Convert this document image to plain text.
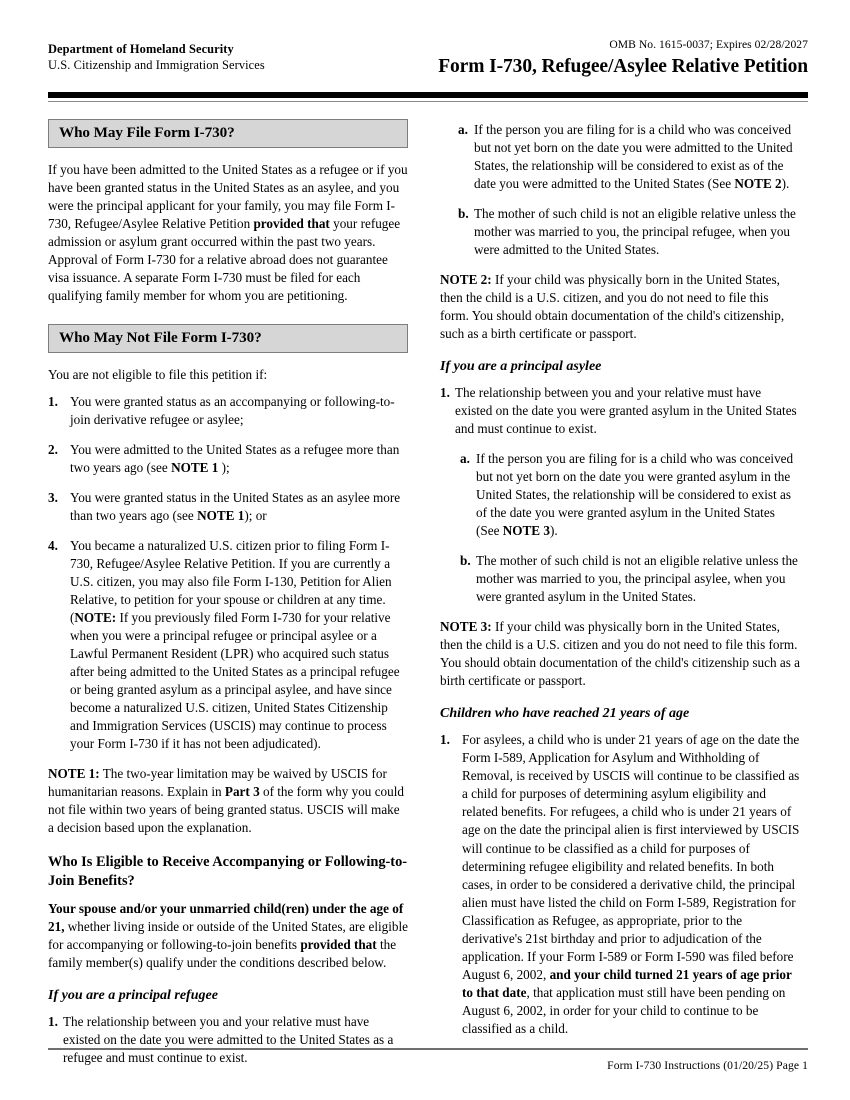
Department of Homeland Security
U.S. Citizenship and Immigration Services
OMB No. 1615-0037; Expires 02/28/2027
Form I-730, Refugee/Asylee Relative Petition
Who May File Form I-730?

If you have been admitted to the United States as a refugee or if you have been granted status in the United States as an asylee, and you were the principal applicant for your family, you may file Form I-730, Refugee/Asylee Relative Petition provided that your refugee admission or asylum grant occurred within the past two years. Approval of Form I-730 for a relative abroad does not guarantee visa issuance. A separate Form I-730 must be filed for each qualifying family member for whom you are petitioning.

Who May Not File Form I-730?

You are not eligible to file this petition if:

1. You were granted status as an accompanying or following-to-join derivative refugee or asylee;
2. You were admitted to the United States as a refugee more than two years ago (see NOTE 1 );
3. You were granted status in the United States as an asylee more than two years ago (see NOTE 1); or
4. You became a naturalized U.S. citizen prior to filing Form I-730, Refugee/Asylee Relative Petition. If you are currently a U.S. citizen, you may also file Form I-130, Petition for Alien Relative, to petition for your spouse or children at any time. (NOTE: If you previously filed Form I-730 for your relative when you were a principal refugee or principal asylee or a Lawful Permanent Resident (LPR) who acquired such status after being admitted to the United States as a principal refugee or being granted asylum as a principal asylee, and have since become a naturalized U.S. citizen, United States Citizenship and Immigration Services (USCIS) may continue to process your Form I-730 if it has not been adjudicated).

NOTE 1: The two-year limitation may be waived by USCIS for humanitarian reasons. Explain in Part 3 of the form why you could not file within two years of being granted status. USCIS will make a decision based upon the explanation.

Who Is Eligible to Receive Accompanying or Following-to-Join Benefits?

Your spouse and/or your unmarried child(ren) under the age of 21, whether living inside or outside of the United States, are eligible for accompanying or following-to-join benefits provided that the family member(s) qualify under the conditions described below.

If you are a principal refugee
1. The relationship between you and your relative must have existed on the date you were admitted to the United States as a refugee and must continue to exist.
a. If the person you are filing for is a child who was conceived but not yet born on the date you were admitted to the United States, the relationship will be considered to exist as of the date you were admitted to the United States (See NOTE 2).
b. The mother of such child is not an eligible relative unless the mother was married to you, the principal refugee, when you were admitted to the United States.

NOTE 2: If your child was physically born in the United States, then the child is a U.S. citizen, and you do not need to file this form. You should obtain documentation of the child's citizenship, such as a birth certificate or passport.

If you are a principal asylee
1. The relationship between you and your relative must have existed on the date you were granted asylum in the United States and must continue to exist.
a. If the person you are filing for is a child who was conceived but not yet born on the date you were granted asylum in the United States, the relationship will be considered to exist as of the date you were granted asylum in the United States (See NOTE 3).
b. The mother of such child is not an eligible relative unless the mother was married to you, the principal asylee, when you were granted asylum in the United States.

NOTE 3: If your child was physically born in the United States, then the child is a U.S. citizen and you do not need to file this form. You should obtain documentation of the child's citizenship such as a birth certificate or passport.

Children who have reached 21 years of age
1. For asylees, a child who is under 21 years of age on the date the Form I-589, Application for Asylum and Withholding of Removal, is received by USCIS will continue to be classified as a child for purposes of determining asylum eligibility and related benefits. For refugees, a child who is under 21 years of age on the date the principal alien is first interviewed by USCIS will continue to be classified as a child for purposes of determining refugee eligibility and related benefits. In both cases, in order to be considered a derivative child, the principal alien must have listed the child on Form I-589, Registration for Classification as Refugee, as appropriate, prior to the derivative's 21st birthday and prior to adjudication of the application. If your Form I-589 or Form I-590 was filed before August 6, 2002, and your child turned 21 years of age prior to that date, that application must still have been pending on August 6, 2002, in order for your child to continue to be classified as a child.
Form I-730 Instructions (01/20/25) Page 1
